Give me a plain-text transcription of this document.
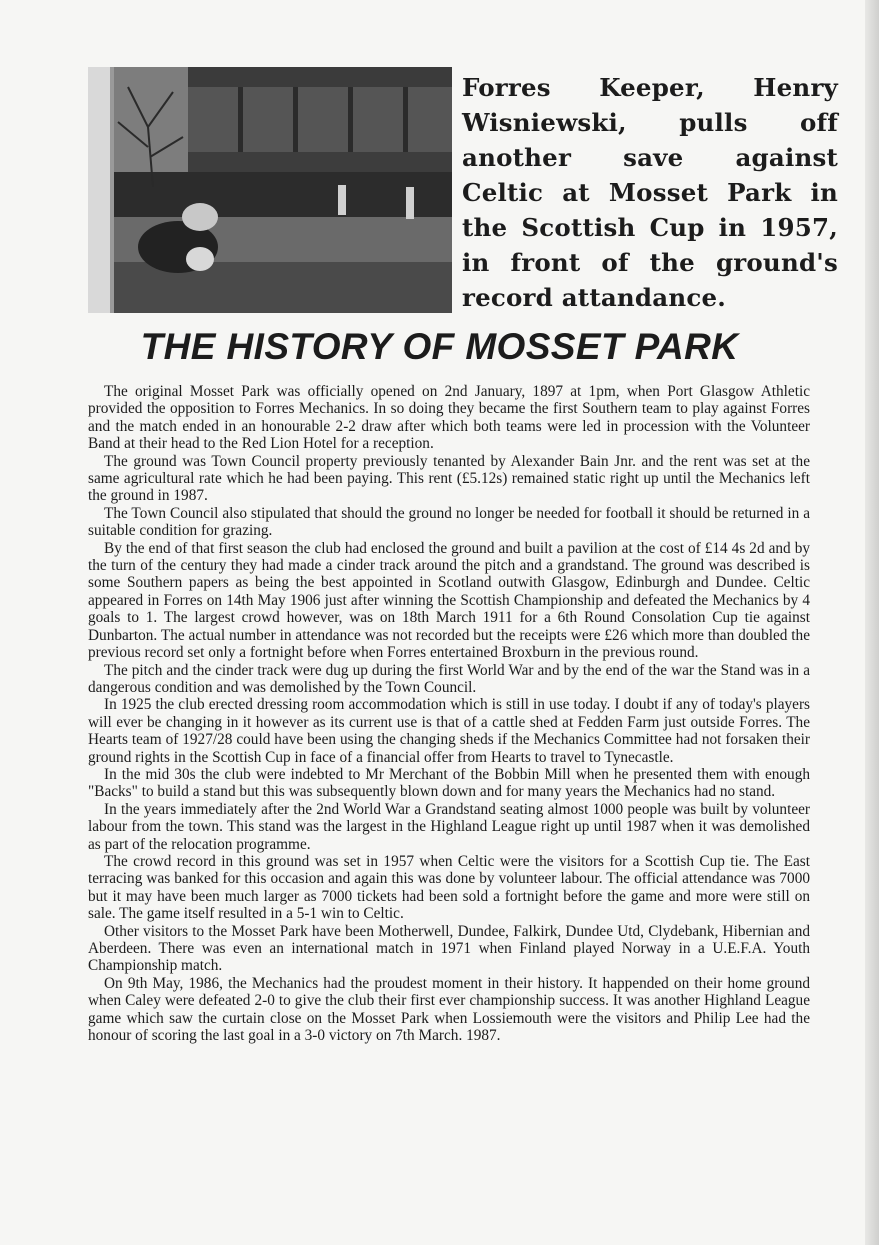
Forres Keeper, Henry Wisniewski, pulls off another save against Celtic at Mosset Park in the Scottish Cup in 1957, in front of the ground's record attandance.

THE HISTORY OF MOSSET PARK

The original Mosset Park was officially opened on 2nd January, 1897 at 1pm, when Port Glasgow Athletic provided the opposition to Forres Mechanics. In so doing they became the first Southern team to play against Forres and the match ended in an honourable 2-2 draw after which both teams were led in procession with the Volunteer Band at their head to the Red Lion Hotel for a reception.

The ground was Town Council property previously tenanted by Alexander Bain Jnr. and the rent was set at the same agricultural rate which he had been paying. This rent (£5.12s) remained static right up until the Mechanics left the ground in 1987.

The Town Council also stipulated that should the ground no longer be needed for football it should be returned in a suitable condition for grazing.

By the end of that first season the club had enclosed the ground and built a pavilion at the cost of £14 4s 2d and by the turn of the century they had made a cinder track around the pitch and a grandstand. The ground was described is some Southern papers as being the best appointed in Scotland outwith Glasgow, Edinburgh and Dundee. Celtic appeared in Forres on 14th May 1906 just after winning the Scottish Championship and defeated the Mechanics by 4 goals to 1. The largest crowd however, was on 18th March 1911 for a 6th Round Consolation Cup tie against Dunbarton. The actual number in attendance was not recorded but the receipts were £26 which more than doubled the previous record set only a fortnight before when Forres entertained Broxburn in the previous round.

The pitch and the cinder track were dug up during the first World War and by the end of the war the Stand was in a dangerous condition and was demolished by the Town Council.

In 1925 the club erected dressing room accommodation which is still in use today. I doubt if any of today's players will ever be changing in it however as its current use is that of a cattle shed at Fedden Farm just outside Forres. The Hearts team of 1927/28 could have been using the changing sheds if the Mechanics Committee had not forsaken their ground rights in the Scottish Cup in face of a financial offer from Hearts to travel to Tynecastle.

In the mid 30s the club were indebted to Mr Merchant of the Bobbin Mill when he presented them with enough "Backs" to build a stand but this was subsequently blown down and for many years the Mechanics had no stand.

In the years immediately after the 2nd World War a Grandstand seating almost 1000 people was built by volunteer labour from the town. This stand was the largest in the Highland League right up until 1987 when it was demolished as part of the relocation programme.

The crowd record in this ground was set in 1957 when Celtic were the visitors for a Scottish Cup tie. The East terracing was banked for this occasion and again this was done by volunteer labour. The official attendance was 7000 but it may have been much larger as 7000 tickets had been sold a fortnight before the game and more were still on sale. The game itself resulted in a 5-1 win to Celtic.

Other visitors to the Mosset Park have been Motherwell, Dundee, Falkirk, Dundee Utd, Clydebank, Hibernian and Aberdeen. There was even an international match in 1971 when Finland played Norway in a U.E.F.A. Youth Championship match.

On 9th May, 1986, the Mechanics had the proudest moment in their history. It happended on their home ground when Caley were defeated 2-0 to give the club their first ever championship success. It was another Highland League game which saw the curtain close on the Mosset Park when Lossiemouth were the visitors and Philip Lee had the honour of scoring the last goal in a 3-0 victory on 7th March. 1987.
